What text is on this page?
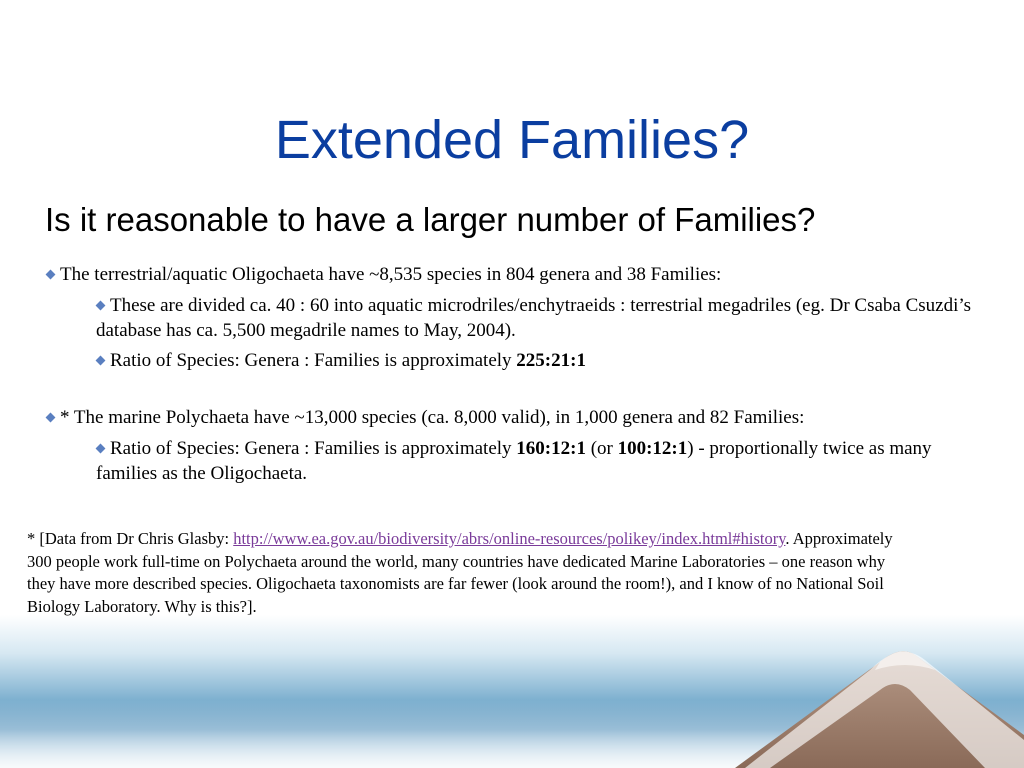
Extended Families?
Is it reasonable to have a larger number of Families?
The terrestrial/aquatic Oligochaeta have ~8,535 species in 804 genera and 38 Families:
These are divided ca. 40 : 60 into aquatic microdriles/enchytraeids : terrestrial megadriles (eg. Dr Csaba Csuzdi’s database has ca. 5,500 megadrile names to May, 2004).
Ratio of Species: Genera : Families is approximately 225:21:1
* The marine Polychaeta have ~13,000 species (ca. 8,000 valid), in 1,000 genera and 82 Families:
Ratio of Species: Genera : Families is approximately 160:12:1 (or 100:12:1) - proportionally twice as many families as the Oligochaeta.
* [Data from Dr Chris Glasby: http://www.ea.gov.au/biodiversity/abrs/online-resources/polikey/index.html#history. Approximately 300 people work full-time on Polychaeta around the world, many countries have dedicated Marine Laboratories – one reason why they have more described species. Oligochaeta taxonomists are far fewer (look around the room!), and I know of no National Soil Biology Laboratory. Why is this?].
